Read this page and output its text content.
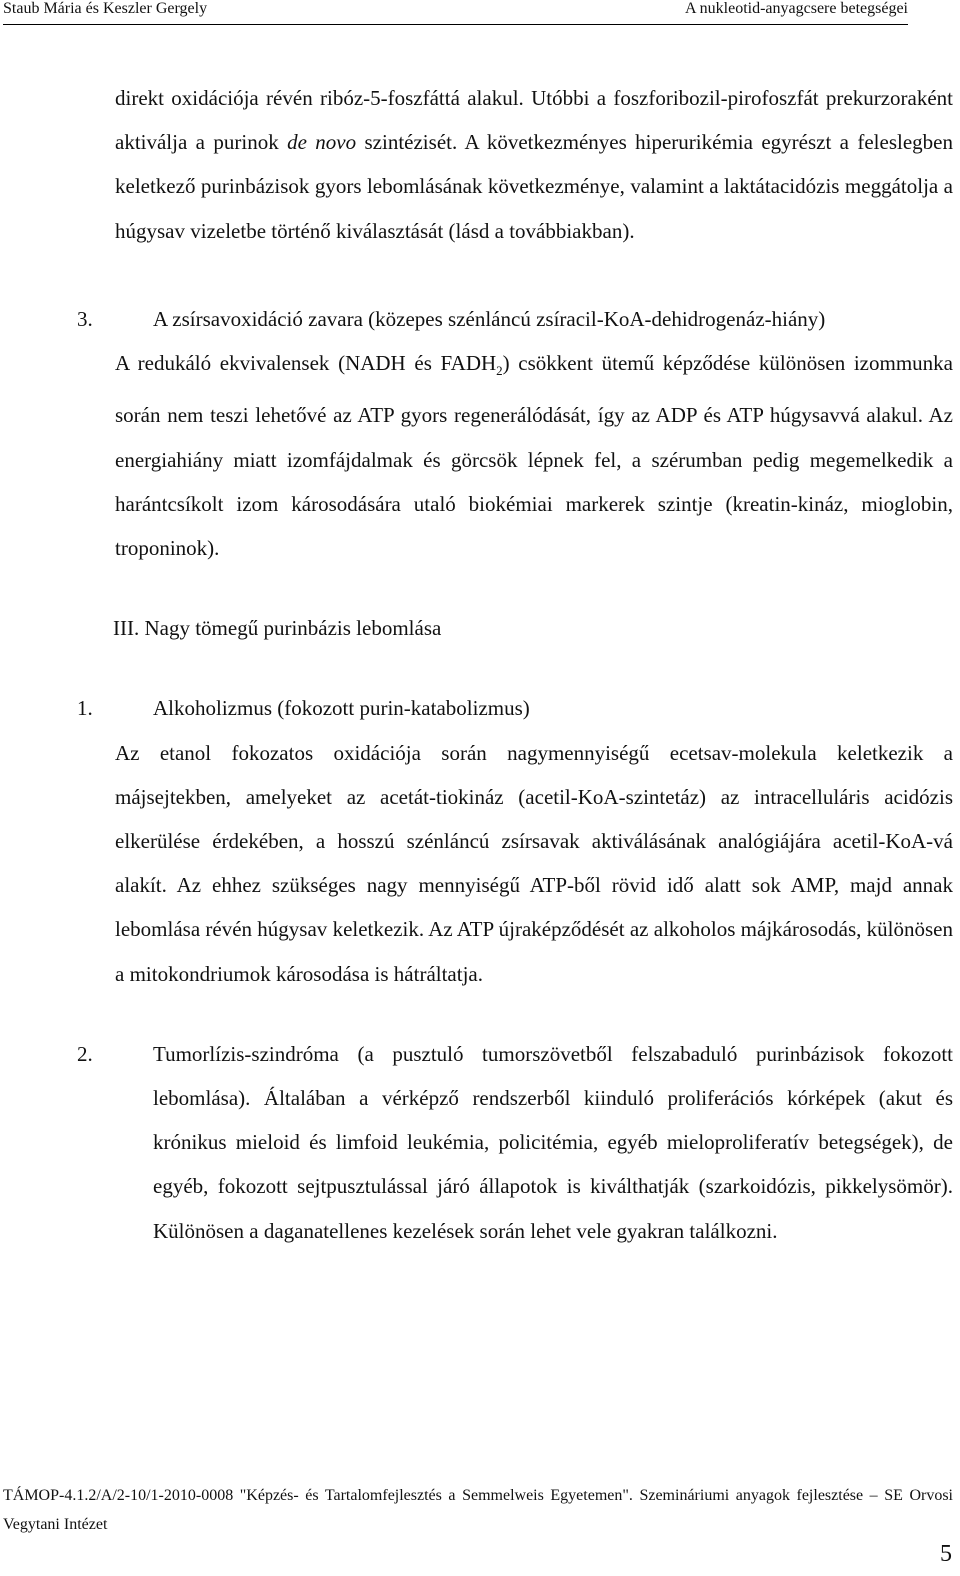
Staub Mária és Keszler Gergely	A nukleotid-anyagcsere betegségei

direkt oxidációja révén ribóz-5-foszfáttá alakul. Utóbbi a foszforibozil-pirofoszfát prekurzoraként aktiválja a purinok de novo szintézisét. A következményes hiperurikémia egyrészt a feleslegben keletkező purinbázisok gyors lebomlásának következménye, valamint a laktátacidózis meggátolja a húgysav vizeletbe történő kiválasztását (lásd a továbbiakban).

3.	A zsírsavoxidáció zavara (közepes szénláncú zsíracil-KoA-dehidrogenáz-hiány)

A redukáló ekvivalensek (NADH és $FADH_2$) csökkent ütemű képződése különösen izommunka során nem teszi lehetővé az ATP gyors regenerálódását, így az ADP és ATP húgysavvá alakul. Az energiahiány miatt izomfájdalmak és görcsök lépnek fel, a szérumban pedig megemelkedik a harántcsíkolt izom károsodására utaló biokémiai markerek szintje (kreatin-kináz, mioglobin, troponinok).

III. Nagy tömegű purinbázis lebomlása

1.	Alkoholizmus (fokozott purin-katabolizmus)

Az etanol fokozatos oxidációja során nagymennyiségű ecetsav-molekula keletkezik a májsejtekben, amelyeket az acetát-tiokináz (acetil-KoA-szintetáz) az intracelluláris acidózis elkerülése érdekében, a hosszú szénláncú zsírsavak aktiválásának analógiájára acetil-KoA-vá alakít. Az ehhez szükséges nagy mennyiségű ATP-ből rövid idő alatt sok AMP, majd annak lebomlása révén húgysav keletkezik. Az ATP újraképződését az alkoholos májkárosodás, különösen a mitokondriumok károsodása is hátráltatja.

2.	Tumorlízis-szindróma (a pusztuló tumorszövetből felszabaduló purinbázisok fokozott lebomlása). Általában a vérképző rendszerből kiinduló proliferációs kórképek (akut és krónikus mieloid és limfoid leukémia, policitémia, egyéb mieloproliferatív betegségek), de egyéb, fokozott sejtpusztulással járó állapotok is kiválthatják (szarkoidózis, pikkelysömör). Különösen a daganatellenes kezelések során lehet vele gyakran találkozni.

TÁMOP-4.1.2/A/2-10/1-2010-0008 "Képzés- és Tartalomfejlesztés a Semmelweis Egyetemen". Szemináriumi anyagok fejlesztése – SE Orvosi Vegytani Intézet

5
